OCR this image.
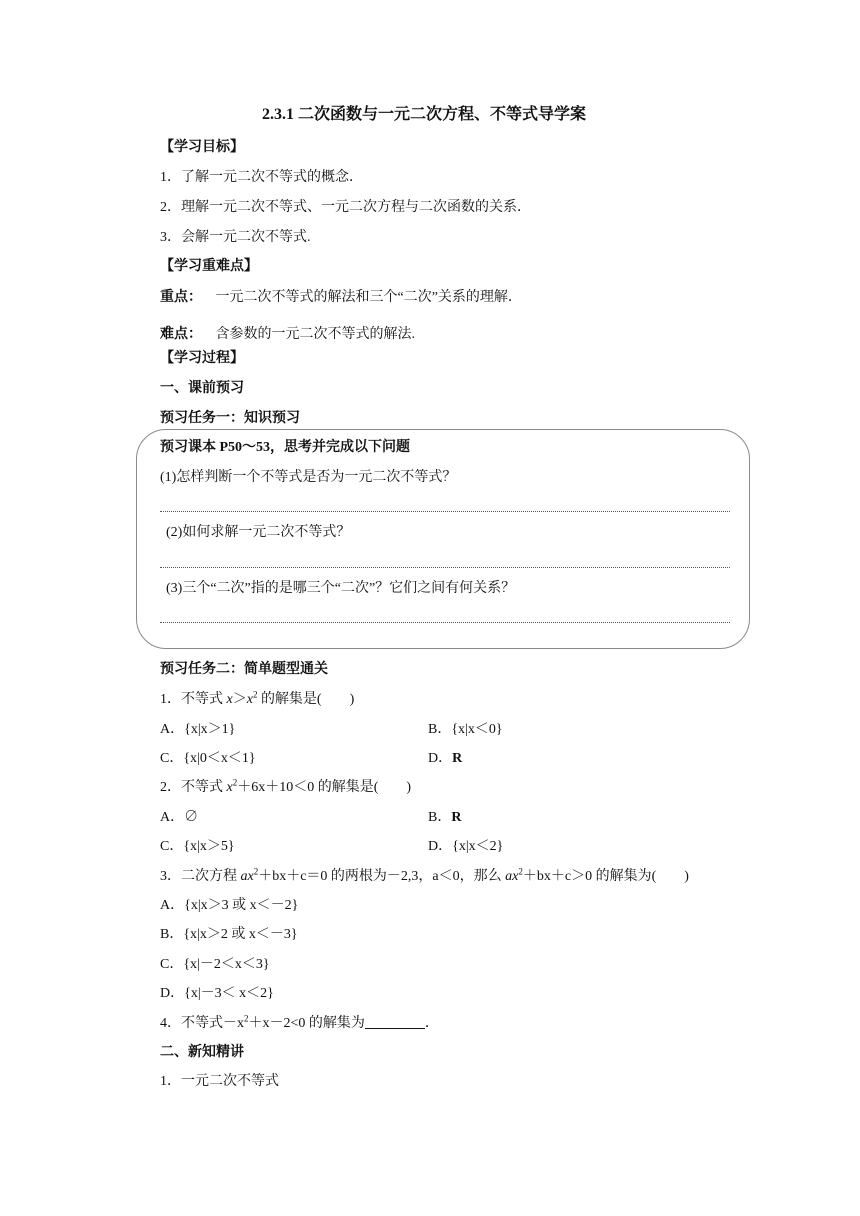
2.3.1 二次函数与一元二次方程、不等式导学案
【学习目标】
1．了解一元二次不等式的概念．
2．理解一元二次不等式、一元二次方程与二次函数的关系．
3．会解一元二次不等式.
【学习重难点】
重点： 一元二次不等式的解法和三个“二次”关系的理解．
难点： 含参数的一元二次不等式的解法.
【学习过程】
一、课前预习
预习任务一：知识预习
预习课本 P50～53，思考并完成以下问题
(1)怎样判断一个不等式是否为一元二次不等式？
(2)如何求解一元二次不等式？
(3)三个“二次”指的是哪三个“二次”？它们之间有何关系？
预习任务二：简单题型通关
1．不等式 $x>x^2$ 的解集是(　　)
A．{x|x＞1}	B．{x|x＜0}
C．{x|0＜x＜1}	D．R
2．不等式 $x^2+6x+10<0$ 的解集是(　　)
A．∅	B．R
C．{x|x＞5}	D．{x|x＜2}
3．二次方程 $ax^2+bx+c=0$ 的两根为－2,3，a＜0，那么 $ax^2+bx+c>0$ 的解集为(　　)
A．{x|x＞3 或 x＜－2}
B．{x|x＞2 或 x＜－3}
C．{x|－2＜x＜3}
D．{x|－3＜ x＜2}
4．不等式$-x^2+x-2<0$ 的解集为	．
二、新知精讲
1．一元二次不等式
